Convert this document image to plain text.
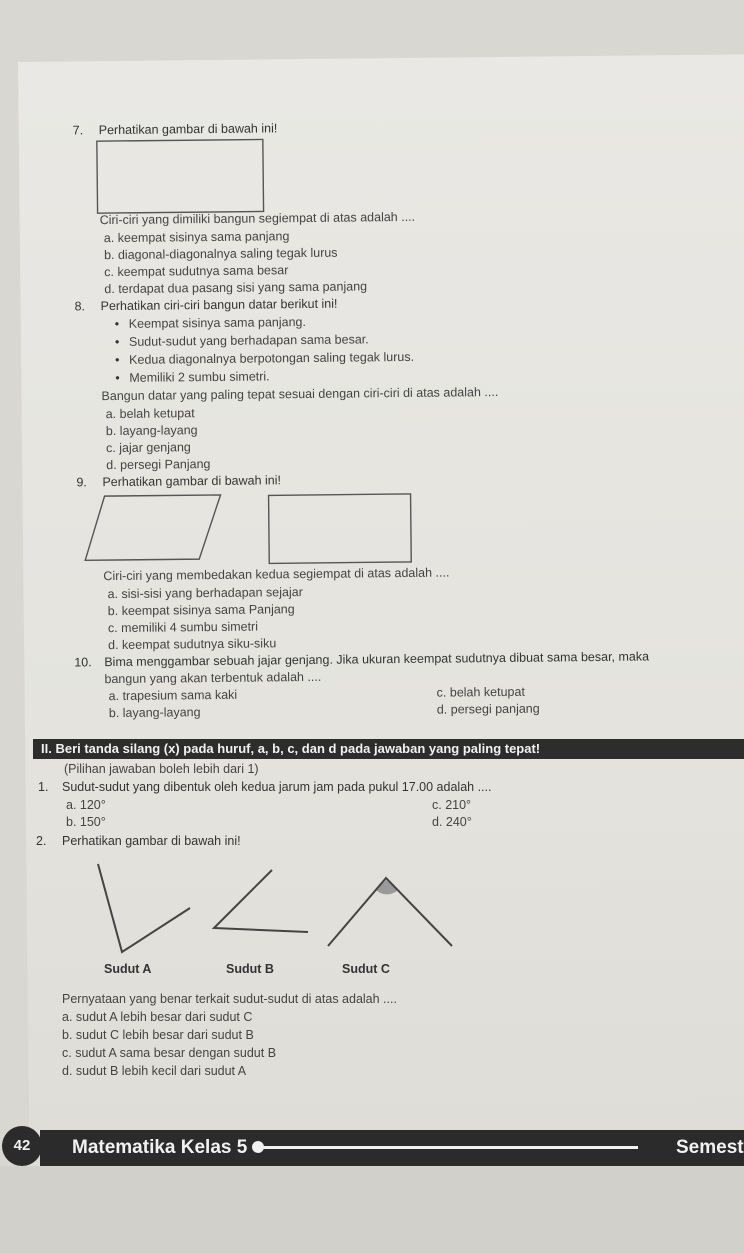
7. Perhatikan gambar di bawah ini!
Ciri-ciri yang dimiliki bangun segiempat di atas adalah ....
a. keempat sisinya sama panjang
b. diagonal-diagonalnya saling tegak lurus
c. keempat sudutnya sama besar
d. terdapat dua pasang sisi yang sama panjang
8. Perhatikan ciri-ciri bangun datar berikut ini!
• Keempat sisinya sama panjang.
• Sudut-sudut yang berhadapan sama besar.
• Kedua diagonalnya berpotongan saling tegak lurus.
• Memiliki 2 sumbu simetri.
Bangun datar yang paling tepat sesuai dengan ciri-ciri di atas adalah ....
a. belah ketupat
b. layang-layang
c. jajar genjang
d. persegi Panjang
9. Perhatikan gambar di bawah ini!
Ciri-ciri yang membedakan kedua segiempat di atas adalah ....
a. sisi-sisi yang berhadapan sejajar
b. keempat sisinya sama Panjang
c. memiliki 4 sumbu simetri
d. keempat sudutnya siku-siku
10. Bima menggambar sebuah jajar genjang. Jika ukuran keempat sudutnya dibuat sama besar, maka
bangun yang akan terbentuk adalah ....
a. trapesium sama kaki	c. belah ketupat
b. layang-layang	d. persegi panjang
II. Beri tanda silang (x) pada huruf, a, b, c, dan d pada jawaban yang paling tepat!
(Pilihan jawaban boleh lebih dari 1)
1. Sudut-sudut yang dibentuk oleh kedua jarum jam pada pukul 17.00 adalah ....
a. 120°	c. 210°
b. 150°	d. 240°
2. Perhatikan gambar di bawah ini!
Sudut A	Sudut B	Sudut C
Pernyataan yang benar terkait sudut-sudut di atas adalah ....
a. sudut A lebih besar dari sudut C
b. sudut C lebih besar dari sudut B
c. sudut A sama besar dengan sudut B
d. sudut B lebih kecil dari sudut A
42	Matematika Kelas 5	Semest
